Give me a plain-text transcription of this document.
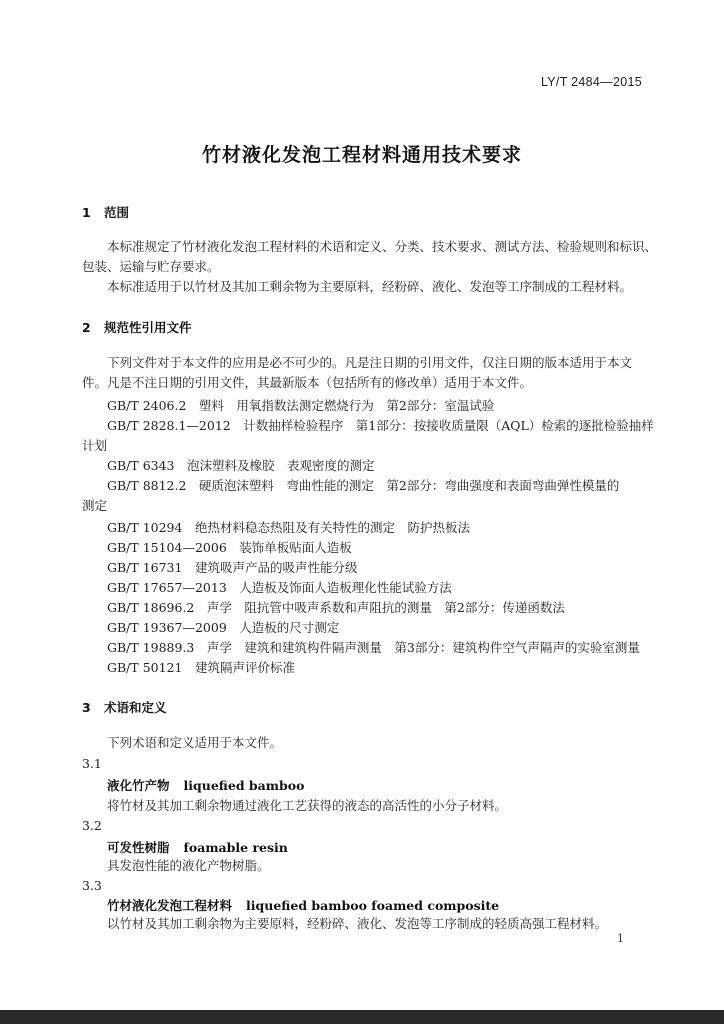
LY/T 2484—2015
竹材液化发泡工程材料通用技术要求
1 范围
本标准规定了竹材液化发泡工程材料的术语和定义、分类、技术要求、测试方法、检验规则和标识、
包装、运输与贮存要求。
本标准适用于以竹材及其加工剩余物为主要原料，经粉碎、液化、发泡等工序制成的工程材料。
2 规范性引用文件
下列文件对于本文件的应用是必不可少的。凡是注日期的引用文件，仅注日期的版本适用于本文
件。凡是不注日期的引用文件，其最新版本（包括所有的修改单）适用于本文件。
GB/T 2406.2　塑料　用氧指数法测定燃烧行为　第2部分：室温试验
GB/T 2828.1—2012　计数抽样检验程序　第1部分：按接收质量限（AQL）检索的逐批检验抽样
计划
GB/T 6343　泡沫塑料及橡胶　表观密度的测定
GB/T 8812.2　硬质泡沫塑料　弯曲性能的测定　第2部分：弯曲强度和表面弯曲弹性模量的
测定
GB/T 10294　绝热材料稳态热阻及有关特性的测定　防护热板法
GB/T 15104—2006　装饰单板贴面人造板
GB/T 16731　建筑吸声产品的吸声性能分级
GB/T 17657—2013　人造板及饰面人造板理化性能试验方法
GB/T 18696.2　声学　阻抗管中吸声系数和声阻抗的测量　第2部分：传递函数法
GB/T 19367—2009　人造板的尺寸测定
GB/T 19889.3　声学　建筑和建筑构件隔声测量　第3部分：建筑构件空气声隔声的实验室测量
GB/T 50121　建筑隔声评价标准
3 术语和定义
下列术语和定义适用于本文件。
3.1
液化竹产物 liquefied bamboo
将竹材及其加工剩余物通过液化工艺获得的液态的高活性的小分子材料。
3.2
可发性树脂 foamable resin
具发泡性能的液化产物树脂。
3.3
竹材液化发泡工程材料 liquefied bamboo foamed composite
以竹材及其加工剩余物为主要原料，经粉碎、液化、发泡等工序制成的轻质高强工程材料。
1
